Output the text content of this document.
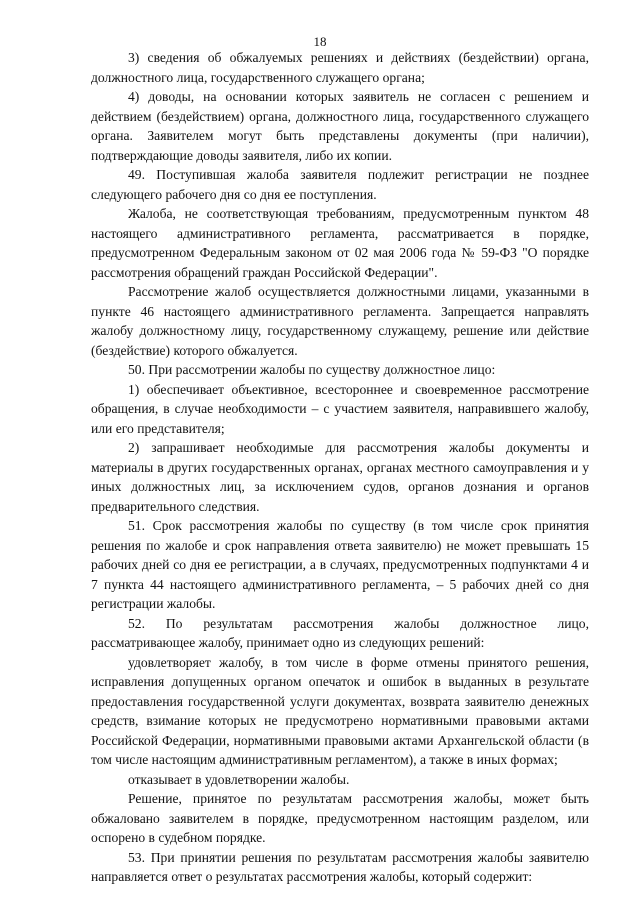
18

3) сведения об обжалуемых решениях и действиях (бездействии) органа, должностного лица, государственного служащего органа;

4) доводы, на основании которых заявитель не согласен с решением и действием (бездействием) органа, должностного лица, государственного служащего органа. Заявителем могут быть представлены документы (при наличии), подтверждающие доводы заявителя, либо их копии.

49. Поступившая жалоба заявителя подлежит регистрации не позднее следующего рабочего дня со дня ее поступления.

Жалоба, не соответствующая требованиям, предусмотренным пунктом 48 настоящего административного регламента, рассматривается в порядке, предусмотренном Федеральным законом от 02 мая 2006 года № 59-ФЗ "О порядке рассмотрения обращений граждан Российской Федерации".

Рассмотрение жалоб осуществляется должностными лицами, указанными в пункте 46 настоящего административного регламента. Запрещается направлять жалобу должностному лицу, государственному служащему, решение или действие (бездействие) которого обжалуется.

50. При рассмотрении жалобы по существу должностное лицо:

1) обеспечивает объективное, всестороннее и своевременное рассмотрение обращения, в случае необходимости – с участием заявителя, направившего жалобу, или его представителя;

2) запрашивает необходимые для рассмотрения жалобы документы и материалы в других государственных органах, органах местного самоуправления и у иных должностных лиц, за исключением судов, органов дознания и органов предварительного следствия.

51. Срок рассмотрения жалобы по существу (в том числе срок принятия решения по жалобе и срок направления ответа заявителю) не может превышать 15 рабочих дней со дня ее регистрации, а в случаях, предусмотренных подпунктами 4 и 7 пункта 44 настоящего административного регламента, – 5 рабочих дней со дня регистрации жалобы.

52. По результатам рассмотрения жалобы должностное лицо, рассматривающее жалобу, принимает одно из следующих решений:

удовлетворяет жалобу, в том числе в форме отмены принятого решения, исправления допущенных органом опечаток и ошибок в выданных в результате предоставления государственной услуги документах, возврата заявителю денежных средств, взимание которых не предусмотрено нормативными правовыми актами Российской Федерации, нормативными правовыми актами Архангельской области (в том числе настоящим административным регламентом), а также в иных формах;

отказывает в удовлетворении жалобы.

Решение, принятое по результатам рассмотрения жалобы, может быть обжаловано заявителем в порядке, предусмотренном настоящим разделом, или оспорено в судебном порядке.

53. При принятии решения по результатам рассмотрения жалобы заявителю направляется ответ о результатах рассмотрения жалобы, который содержит:
